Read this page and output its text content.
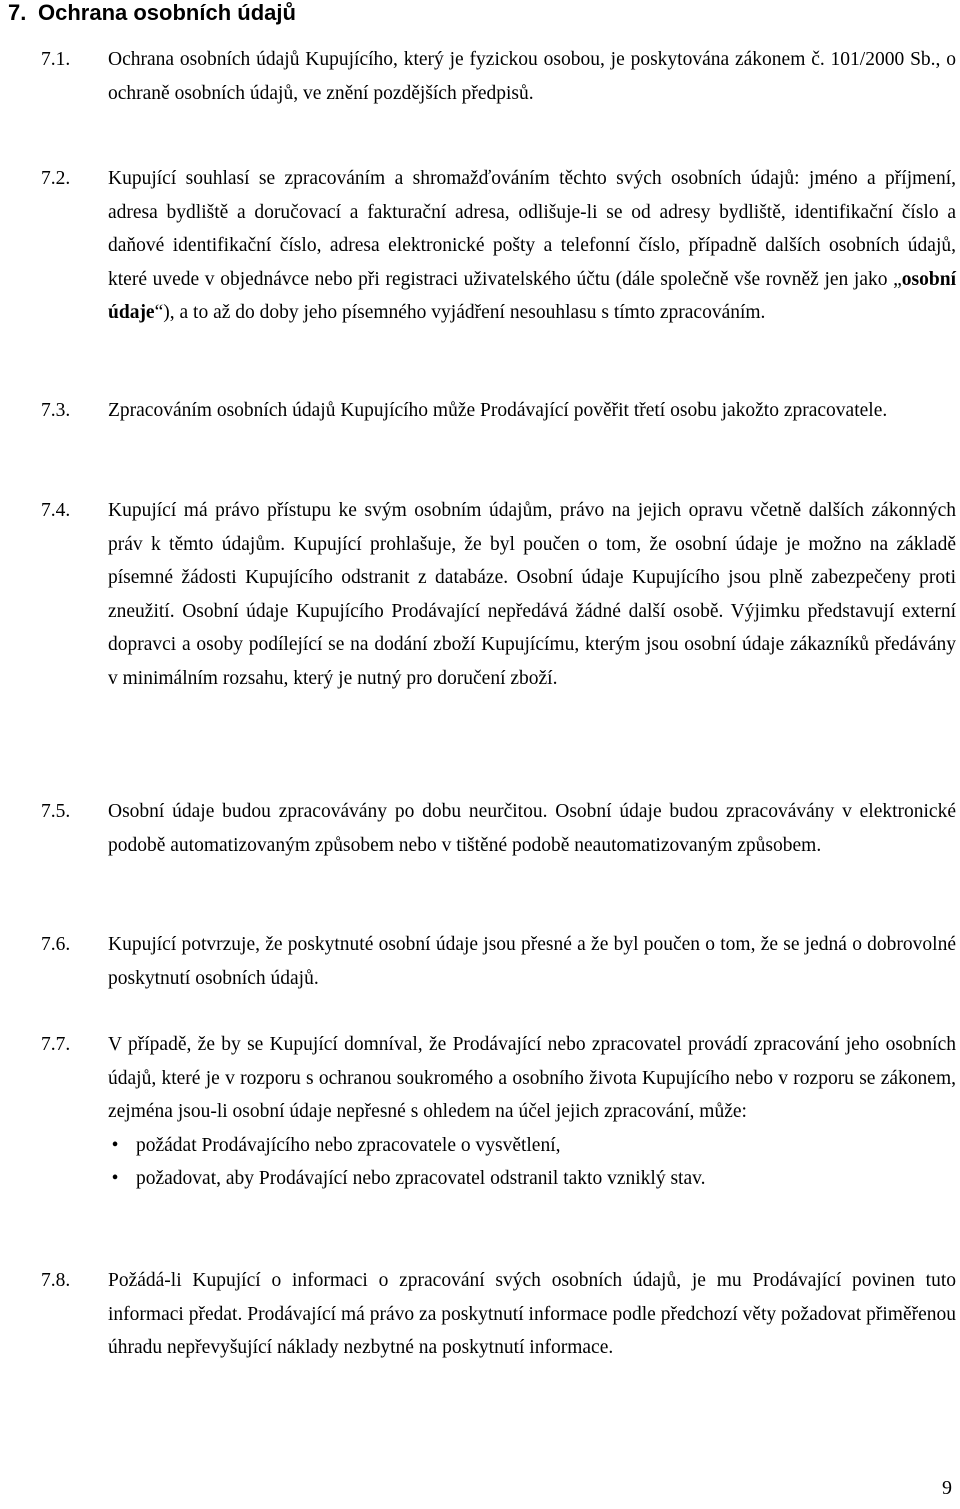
7. Ochrana osobních údajů
7.1. Ochrana osobních údajů Kupujícího, který je fyzickou osobou, je poskytována zákonem č. 101/2000 Sb., o ochraně osobních údajů, ve znění pozdějších předpisů.

7.2. Kupující souhlasí se zpracováním a shromažďováním těchto svých osobních údajů: jméno a příjmení, adresa bydliště a doručovací a fakturační adresa, odlišuje-li se od adresy bydliště, identifikační číslo a daňové identifikační číslo, adresa elektronické pošty a telefonní číslo, případně dalších osobních údajů, které uvede v objednávce nebo při registraci uživatelského účtu (dále společně vše rovněž jen jako „osobní údaje“), a to až do doby jeho písemného vyjádření nesouhlasu s tímto zpracováním.

7.3. Zpracováním osobních údajů Kupujícího může Prodávající pověřit třetí osobu jakožto zpracovatele.

7.4. Kupující má právo přístupu ke svým osobním údajům, právo na jejich opravu včetně dalších zákonných práv k těmto údajům. Kupující prohlašuje, že byl poučen o tom, že osobní údaje je možno na základě písemné žádosti Kupujícího odstranit z databáze. Osobní údaje Kupujícího jsou plně zabezpečeny proti zneužití. Osobní údaje Kupujícího Prodávající nepředává žádné další osobě. Výjimku představují externí dopravci a osoby podílející se na dodání zboží Kupujícímu, kterým jsou osobní údaje zákazníků předávány v minimálním rozsahu, který je nutný pro doručení zboží.

7.5. Osobní údaje budou zpracovávány po dobu neurčitou. Osobní údaje budou zpracovávány v elektronické podobě automatizovaným způsobem nebo v tištěné podobě neautomatizovaným způsobem.

7.6. Kupující potvrzuje, že poskytnuté osobní údaje jsou přesné a že byl poučen o tom, že se jedná o dobrovolné poskytnutí osobních údajů.

7.7. V případě, že by se Kupující domníval, že Prodávající nebo zpracovatel provádí zpracování jeho osobních údajů, které je v rozporu s ochranou soukromého a osobního života Kupujícího nebo v rozporu se zákonem, zejména jsou-li osobní údaje nepřesné s ohledem na účel jejich zpracování, může:
• požádat Prodávajícího nebo zpracovatele o vysvětlení,
• požadovat, aby Prodávající nebo zpracovatel odstranil takto vzniklý stav.
7.8. Požádá-li Kupující o informaci o zpracování svých osobních údajů, je mu Prodávající povinen tuto informaci předat. Prodávající má právo za poskytnutí informace podle předchozí věty požadovat přiměřenou úhradu nepřevyšující náklady nezbytné na poskytnutí informace.

9
